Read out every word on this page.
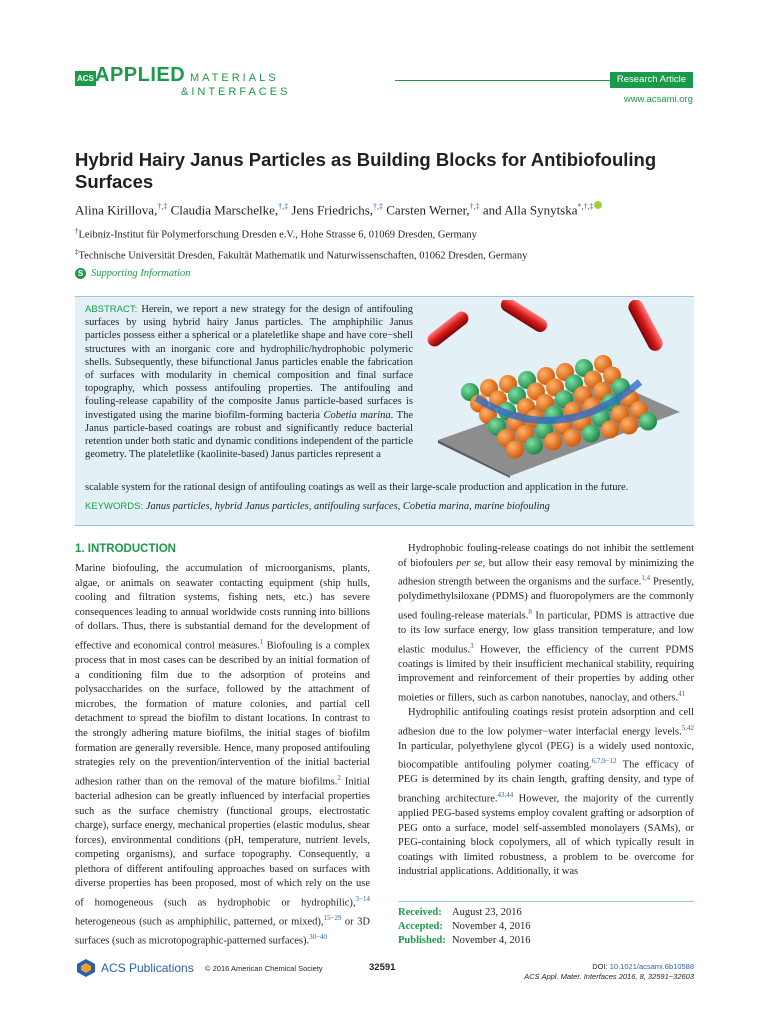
ACS APPLIED MATERIALS
&INTERFACES
Research Article
www.acsami.org
Hybrid Hairy Janus Particles as Building Blocks for Antibiofouling Surfaces
Alina Kirillova,†,‡ Claudia Marschelke,†,‡ Jens Friedrichs,†,‡ Carsten Werner,†,‡ and Alla Synytska*,†,‡
†Leibniz-Institut für Polymerforschung Dresden e.V., Hohe Strasse 6, 01069 Dresden, Germany
‡Technische Universität Dresden, Fakultät Mathematik und Naturwissenschaften, 01062 Dresden, Germany
S Supporting Information
ABSTRACT: Herein, we report a new strategy for the design of antifouling surfaces by using hybrid hairy Janus particles. The amphiphilic Janus particles possess either a spherical or a plateletlike shape and have core−shell structures with an inorganic core and hydrophilic/hydrophobic polymeric shells. Subsequently, these bifunctional Janus particles enable the fabrication of surfaces with modularity in chemical composition and final surface topography, which possess antifouling properties. The antifouling and fouling-release capability of the composite Janus particle-based surfaces is investigated using the marine biofilm-forming bacteria Cobetia marina. The Janus particle-based coatings are robust and significantly reduce bacterial retention under both static and dynamic conditions independent of the particle geometry. The plateletlike (kaolinite-based) Janus particles represent a
scalable system for the rational design of antifouling coatings as well as their large-scale production and application in the future.
KEYWORDS: Janus particles, hybrid Janus particles, antifouling surfaces, Cobetia marina, marine biofouling
1. INTRODUCTION

Marine biofouling, the accumulation of microorganisms, plants, algae, or animals on seawater contacting equipment (ship hulls, cooling and filtration systems, fishing nets, etc.) has severe consequences leading to annual worldwide costs running into billions of dollars. Thus, there is substantial demand for the development of effective and economical control measures.$^1$ Biofouling is a complex process that in most cases can be described by an initial formation of a conditioning film due to the adsorption of proteins and polysaccharides on the surface, followed by the attachment of microbes, the formation of mature colonies, and partial cell detachment to spread the biofilm to distant locations. In contrast to the strongly adhering mature biofilms, the initial stages of biofilm formation are generally reversible. Hence, many proposed antifouling strategies rely on the prevention/intervention of the initial bacterial adhesion rather than on the removal of the mature biofilms.$^2$ Initial bacterial adhesion can be greatly influenced by interfacial properties such as the surface chemistry (functional groups, electrostatic charge), surface energy, mechanical properties (elastic modulus, shear forces), environmental conditions (pH, temperature, nutrient levels, competing organisms), and surface topography. Consequently, a plethora of different antifouling approaches based on surfaces with diverse properties has been proposed, most of which rely on the use of homogeneous (such as hydrophobic or hydrophilic),$^{3-14}$ heterogeneous (such as amphiphilic, patterned, or mixed),$^{15-29}$ or 3D surfaces (such as microtopographic-patterned surfaces).$^{30-40}$

Hydrophobic fouling-release coatings do not inhibit the settlement of biofoulers per se, but allow their easy removal by minimizing the adhesion strength between the organisms and the surface.$^{1,4}$ Presently, polydimethylsiloxane (PDMS) and fluoropolymers are the commonly used fouling-release materials.$^8$ In particular, PDMS is attractive due to its low surface energy, low glass transition temperature, and low elastic modulus.$^3$ However, the efficiency of the current PDMS coatings is limited by their insufficient mechanical stability, requiring improvement and reinforcement of their properties by adding other moieties or fillers, such as carbon nanotubes, nanoclay, and others.$^{41}$

Hydrophilic antifouling coatings resist protein adsorption and cell adhesion due to the low polymer−water interfacial energy levels.$^{5,42}$ In particular, polyethylene glycol (PEG) is a widely used nontoxic, biocompatible antifouling polymer coating.$^{6,7,9-12}$ The efficacy of PEG is determined by its chain length, grafting density, and type of branching architecture.$^{43,44}$ However, the majority of the currently applied PEG-based systems employ covalent grafting or adsorption of PEG onto a surface, model self-assembled monolayers (SAMs), or PEG-containing block copolymers, all of which typically result in coatings with limited robustness, a problem to be overcome for industrial applications. Additionally, it was

Received: August 23, 2016
Accepted: November 4, 2016
Published: November 4, 2016
ACS Publications © 2016 American Chemical Society	32591	DOI: 10.1021/acsami.6b10588
ACS Appl. Mater. Interfaces 2016, 8, 32591−32603
